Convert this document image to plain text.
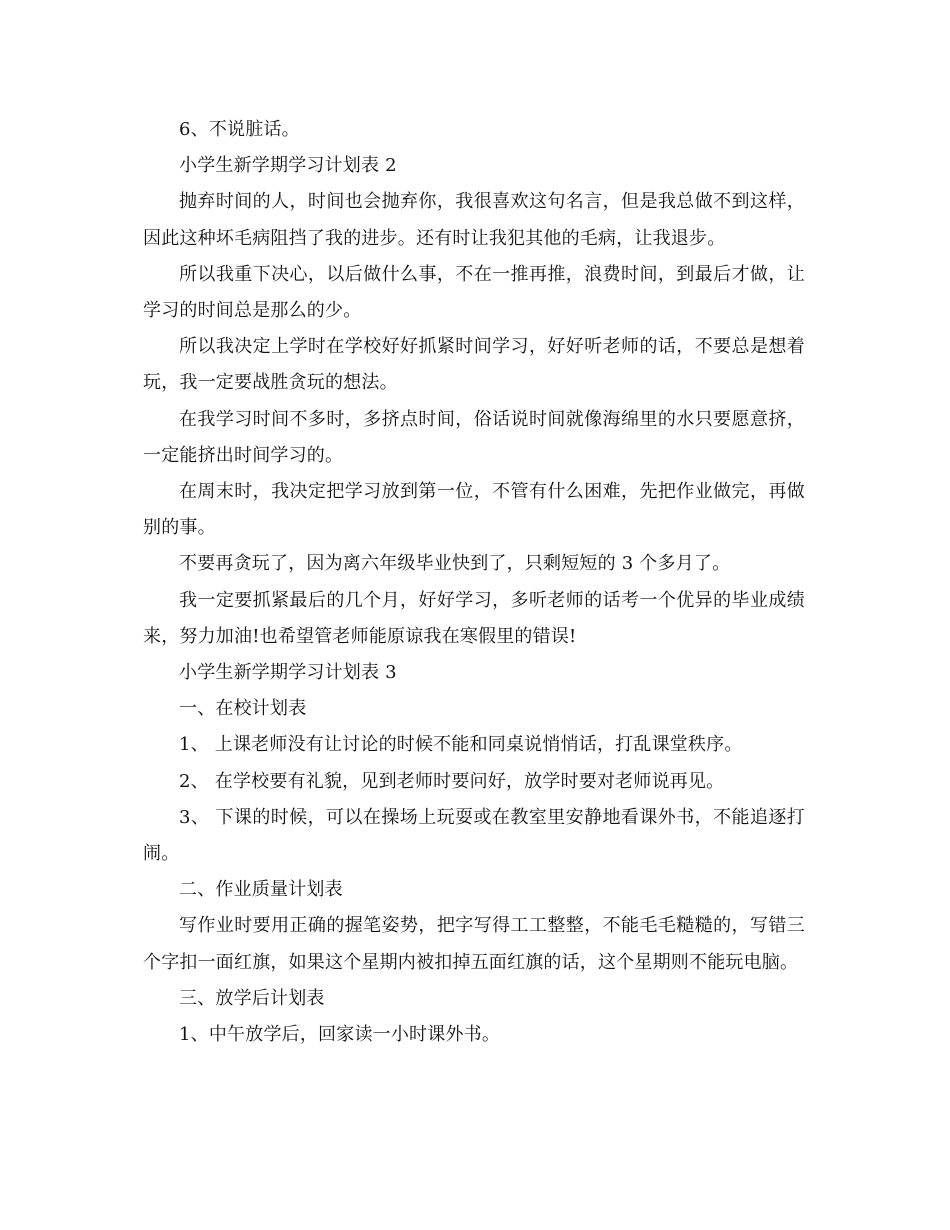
6、不说脏话。

小学生新学期学习计划表 2

抛弃时间的人，时间也会抛弃你，我很喜欢这句名言，但是我总做不到这样，因此这种坏毛病阻挡了我的进步。还有时让我犯其他的毛病，让我退步。

所以我重下决心，以后做什么事，不在一推再推，浪费时间，到最后才做，让学习的时间总是那么的少。

所以我决定上学时在学校好好抓紧时间学习，好好听老师的话，不要总是想着玩，我一定要战胜贪玩的想法。

在我学习时间不多时，多挤点时间，俗话说时间就像海绵里的水只要愿意挤，一定能挤出时间学习的。

在周末时，我决定把学习放到第一位，不管有什么困难，先把作业做完，再做别的事。

不要再贪玩了，因为离六年级毕业快到了，只剩短短的 3 个多月了。

我一定要抓紧最后的几个月，好好学习，多听老师的话考一个优异的毕业成绩来，努力加油!也希望管老师能原谅我在寒假里的错误!

小学生新学期学习计划表 3

一、在校计划表

1、 上课老师没有让讨论的时候不能和同桌说悄悄话，打乱课堂秩序。

2、 在学校要有礼貌，见到老师时要问好，放学时要对老师说再见。

3、 下课的时候，可以在操场上玩耍或在教室里安静地看课外书，不能追逐打闹。

二、作业质量计划表

写作业时要用正确的握笔姿势，把字写得工工整整，不能毛毛糙糙的，写错三个字扣一面红旗，如果这个星期内被扣掉五面红旗的话，这个星期则不能玩电脑。

三、放学后计划表

1、中午放学后，回家读一小时课外书。
